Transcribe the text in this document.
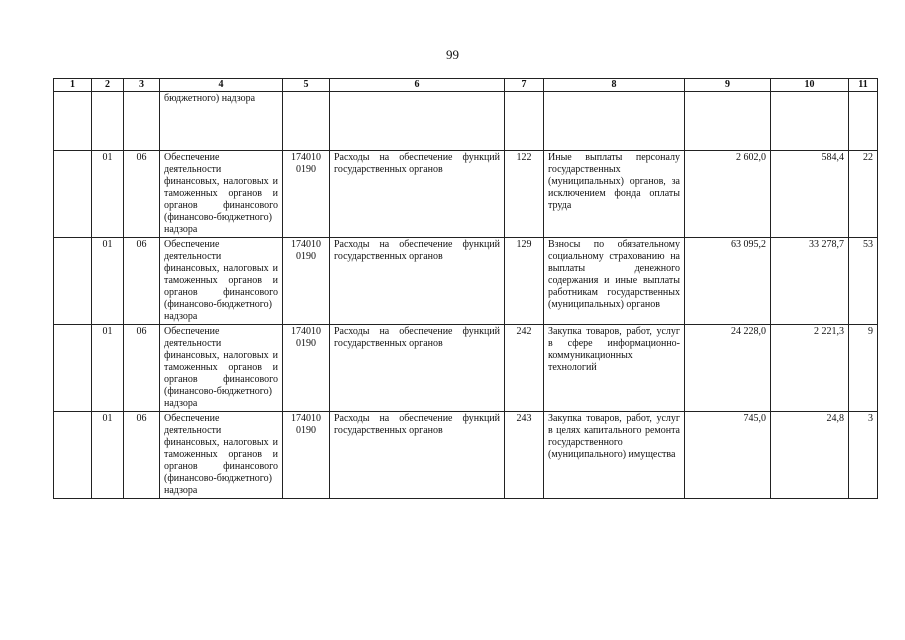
99
1	2	3	4	5	6	7	8	9	10	11
			бюджетного) надзора							
	01	06	Обеспечение деятельности финансовых, налоговых и таможенных органов и органов финансового (финансово-бюджетного) надзора	174010 0190	Расходы на обеспечение функций государственных органов	122	Иные выплаты персоналу государственных (муниципальных) органов, за исключением фонда оплаты труда	2 602,0	584,4	22
	01	06	Обеспечение деятельности финансовых, налоговых и таможенных органов и органов финансового (финансово-бюджетного) надзора	174010 0190	Расходы на обеспечение функций государственных органов	129	Взносы по обязательному социальному страхованию на выплаты денежного содержания и иные выплаты работникам государственных (муниципальных) органов	63 095,2	33 278,7	53
	01	06	Обеспечение деятельности финансовых, налоговых и таможенных органов и органов финансового (финансово-бюджетного) надзора	174010 0190	Расходы на обеспечение функций государственных органов	242	Закупка товаров, работ, услуг в сфере информационно-коммуникационных технологий	24 228,0	2 221,3	9
	01	06	Обеспечение деятельности финансовых, налоговых и таможенных органов и органов финансового (финансово-бюджетного) надзора	174010 0190	Расходы на обеспечение функций государственных органов	243	Закупка товаров, работ, услуг в целях капитального ремонта государственного (муниципального) имущества	745,0	24,8	3
